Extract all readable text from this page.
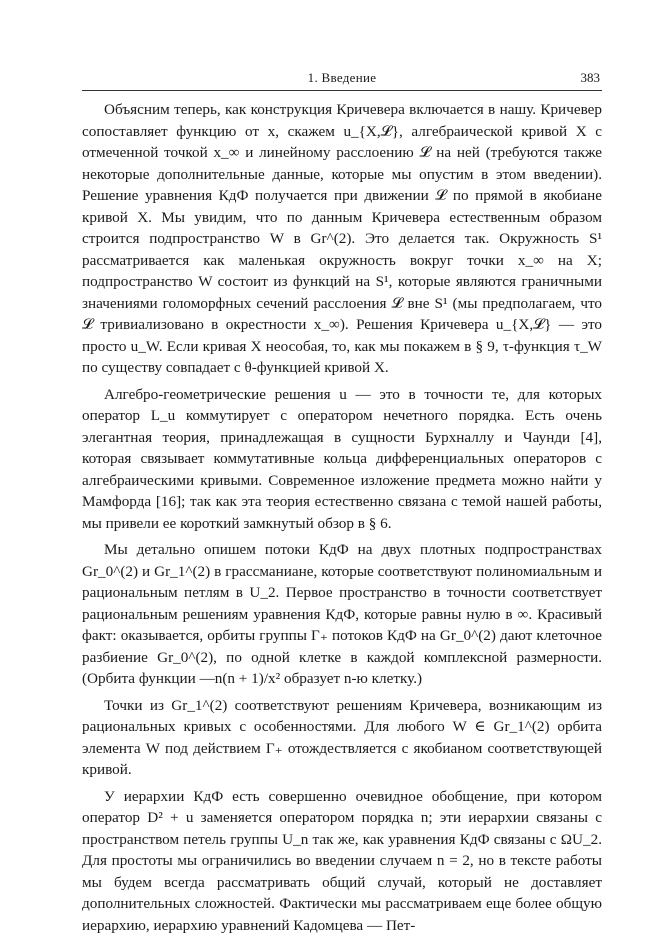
1. Введение	383

Объясним теперь, как конструкция Кричевера включается в нашу. Кричевер сопоставляет функцию от x, скажем u_{X,𝓛}, алгебраической кривой X с отмеченной точкой x_∞ и линейному расслоению 𝓛 на ней (требуются также некоторые дополнительные данные, которые мы опустим в этом введении). Решение уравнения КдФ получается при движении 𝓛 по прямой в якобиане кривой X. Мы увидим, что по данным Кричевера естественным образом строится подпространство W в Gr^(2). Это делается так. Окружность S¹ рассматривается как маленькая окружность вокруг точки x_∞ на X; подпространство W состоит из функций на S¹, которые являются граничными значениями голоморфных сечений расслоения 𝓛 вне S¹ (мы предполагаем, что 𝓛 тривиализовано в окрестности x_∞). Решения Кричевера u_{X,𝓛} — это просто u_W. Если кривая X неособая, то, как мы покажем в § 9, τ-функция τ_W по существу совпадает с θ-функцией кривой X.

Алгебро-геометрические решения u — это в точности те, для которых оператор L_u коммутирует с оператором нечетного порядка. Есть очень элегантная теория, принадлежащая в сущности Бурхналлу и Чаунди [4], которая связывает коммутативные кольца дифференциальных операторов с алгебраическими кривыми. Современное изложение предмета можно найти у Мамфорда [16]; так как эта теория естественно связана с темой нашей работы, мы привели ее короткий замкнутый обзор в § 6.

Мы детально опишем потоки КдФ на двух плотных подпространствах Gr_0^(2) и Gr_1^(2) в грассманиане, которые соответствуют полиномиальным и рациональным петлям в U_2. Первое пространство в точности соответствует рациональным решениям уравнения КдФ, которые равны нулю в ∞. Красивый факт: оказывается, орбиты группы Γ₊ потоков КдФ на Gr_0^(2) дают клеточное разбиение Gr_0^(2), по одной клетке в каждой комплексной размерности. (Орбита функции —n(n + 1)/x² образует n-ю клетку.)

Точки из Gr_1^(2) соответствуют решениям Кричевера, возникающим из рациональных кривых с особенностями. Для любого W ∈ Gr_1^(2) орбита элемента W под действием Γ₊ отождествляется с якобианом соответствующей кривой.

У иерархии КдФ есть совершенно очевидное обобщение, при котором оператор D² + u заменяется оператором порядка n; эти иерархии связаны с пространством петель группы U_n так же, как уравнения КдФ связаны с ΩU_2. Для простоты мы ограничились во введении случаем n = 2, но в тексте работы мы будем всегда рассматривать общий случай, который не доставляет дополнительных сложностей. Фактически мы рассматриваем еще более общую иерархию, иерархию уравнений Кадомцева — Пет-
